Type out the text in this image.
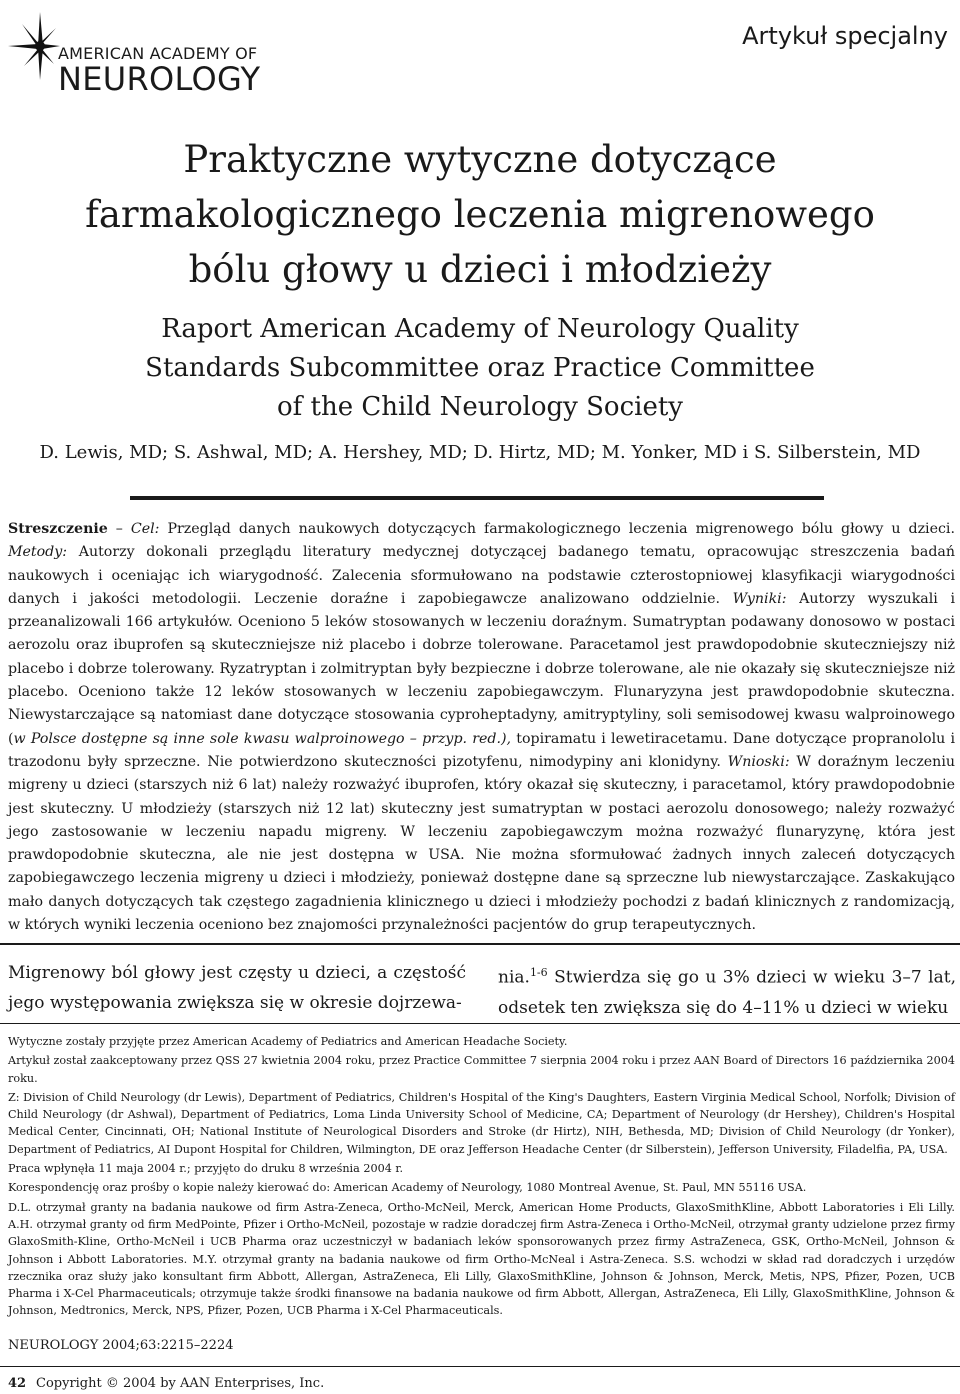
AMERICAN ACADEMY OF
NEUROLOGY
Artykuł specjalny
Praktyczne wytyczne dotyczące
farmakologicznego leczenia migrenowego
bólu głowy u dzieci i młodzieży
Raport American Academy of Neurology Quality
Standards Subcommittee oraz Practice Committee
of the Child Neurology Society
D. Lewis, MD; S. Ashwal, MD; A. Hershey, MD; D. Hirtz, MD; M. Yonker, MD i S. Silberstein, MD
Streszczenie – Cel: Przegląd danych naukowych dotyczących farmakologicznego leczenia migrenowego bólu głowy u dzieci. Metody: Autorzy dokonali przeglądu literatury medycznej dotyczącej badanego tematu, opracowując streszczenia badań naukowych i oceniając ich wiarygodność. Zalecenia sformułowano na podstawie czterostopniowej klasyfikacji wiarygodności danych i jakości metodologii. Leczenie doraźne i zapobiegawcze analizowano oddzielnie. Wyniki: Autorzy wyszukali i przeanalizowali 166 artykułów. Oceniono 5 leków stosowanych w leczeniu doraźnym. Sumatryptan podawany donosowo w postaci aerozolu oraz ibuprofen są skuteczniejsze niż placebo i dobrze tolerowane. Paracetamol jest prawdopodobnie skuteczniejszy niż placebo i dobrze tolerowany. Ryzatryptan i zolmitryptan były bezpieczne i dobrze tolerowane, ale nie okazały się skuteczniejsze niż placebo. Oceniono także 12 leków stosowanych w leczeniu zapobiegawczym. Flunaryzyna jest prawdopodobnie skuteczna. Niewystarczające są natomiast dane dotyczące stosowania cyproheptadyny, amitryptyliny, soli semisodowej kwasu walproinowego (w Polsce dostępne są inne sole kwasu walproinowego – przyp. red.), topiramatu i lewetiracetamu. Dane dotyczące propranololu i trazodonu były sprzeczne. Nie potwierdzono skuteczności pizotyfenu, nimodypiny ani klonidyny. Wnioski: W doraźnym leczeniu migreny u dzieci (starszych niż 6 lat) należy rozważyć ibuprofen, który okazał się skuteczny, i paracetamol, który prawdopodobnie jest skuteczny. U młodzieży (starszych niż 12 lat) skuteczny jest sumatryptan w postaci aerozolu donosowego; należy rozważyć jego zastosowanie w leczeniu napadu migreny. W leczeniu zapobiegawczym można rozważyć flunaryzynę, która jest prawdopodobnie skuteczna, ale nie jest dostępna w USA. Nie można sformułować żadnych innych zaleceń dotyczących zapobiegawczego leczenia migreny u dzieci i młodzieży, ponieważ dostępne dane są sprzeczne lub niewystarczające. Zaskakująco mało danych dotyczących tak częstego zagadnienia klinicznego u dzieci i młodzieży pochodzi z badań klinicznych z randomizacją, w których wyniki leczenia oceniono bez znajomości przynależności pacjentów do grup terapeutycznych.
Migrenowy ból głowy jest częsty u dzieci, a częstość jego występowania zwiększa się w okresie dojrzewa-
nia.$^{1-6}$ Stwierdza się go u 3% dzieci w wieku 3–7 lat, odsetek ten zwiększa się do 4–11% u dzieci w wieku

Wytyczne zostały przyjęte przez American Academy of Pediatrics and American Headache Society.

Artykuł został zaakceptowany przez QSS 27 kwietnia 2004 roku, przez Practice Committee 7 sierpnia 2004 roku i przez AAN Board of Directors 16 października 2004 roku.

Z: Division of Child Neurology (dr Lewis), Department of Pediatrics, Children's Hospital of the King's Daughters, Eastern Virginia Medical School, Norfolk; Division of Child Neurology (dr Ashwal), Department of Pediatrics, Loma Linda University School of Medicine, CA; Department of Neurology (dr Hershey), Children's Hospital Medical Center, Cincinnati, OH; National Institute of Neurological Disorders and Stroke (dr Hirtz), NIH, Bethesda, MD; Division of Child Neurology (dr Yonker), Department of Pediatrics, AI Dupont Hospital for Children, Wilmington, DE oraz Jefferson Headache Center (dr Silberstein), Jefferson University, Filadelfia, PA, USA.

Praca wpłynęła 11 maja 2004 r.; przyjęto do druku 8 września 2004 r.

Korespondencję oraz prośby o kopie należy kierować do: American Academy of Neurology, 1080 Montreal Avenue, St. Paul, MN 55116 USA.

D.L. otrzymał granty na badania naukowe od firm Astra-Zeneca, Ortho-McNeil, Merck, American Home Products, GlaxoSmithKline, Abbott Laboratories i Eli Lilly. A.H. otrzymał granty od firm MedPointe, Pfizer i Ortho-McNeil, pozostaje w radzie doradczej firm Astra-Zeneca i Ortho-McNeil, otrzymał granty udzielone przez firmy GlaxoSmith-Kline, Ortho-McNeil i UCB Pharma oraz uczestniczył w badaniach leków sponsorowanych przez firmy AstraZeneca, GSK, Ortho-McNeil, Johnson & Johnson i Abbott Laboratories. M.Y. otrzymał granty na badania naukowe od firm Ortho-McNeal i Astra-Zeneca. S.S. wchodzi w skład rad doradczych i urzędów rzecznika oraz służy jako konsultant firm Abbott, Allergan, AstraZeneca, Eli Lilly, GlaxoSmithKline, Johnson & Johnson, Merck, Metis, NPS, Pfizer, Pozen, UCB Pharma i X-Cel Pharmaceuticals; otrzymuje także środki finansowe na badania naukowe od firm Abbott, Allergan, AstraZeneca, Eli Lilly, GlaxoSmithKline, Johnson & Johnson, Medtronics, Merck, NPS, Pfizer, Pozen, UCB Pharma i X-Cel Pharmaceuticals.

NEUROLOGY 2004;63:2215–2224
42 Copyright © 2004 by AAN Enterprises, Inc.
